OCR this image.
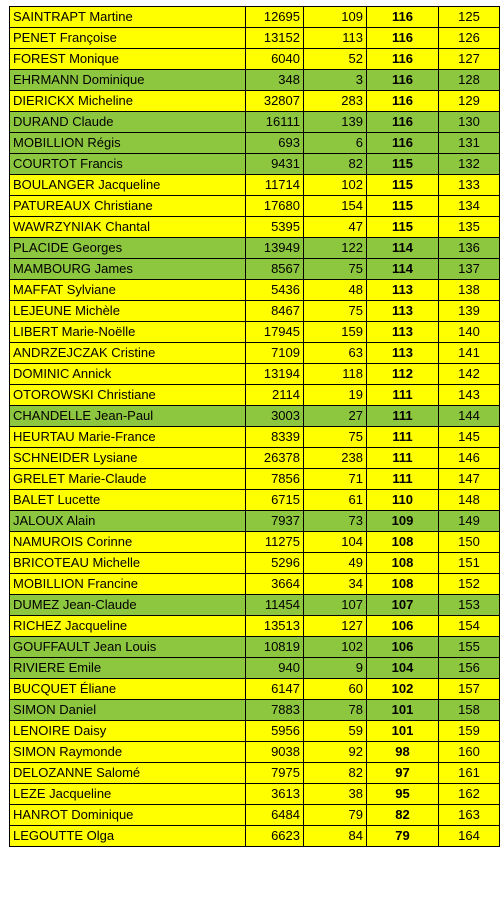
SAINTRAPT Martine	12695	109	116	125
PENET Françoise	13152	113	116	126
FOREST Monique	6040	52	116	127
EHRMANN Dominique	348	3	116	128
DIERICKX Micheline	32807	283	116	129
DURAND Claude	16111	139	116	130
MOBILLION Régis	693	6	116	131
COURTOT Francis	9431	82	115	132
BOULANGER Jacqueline	11714	102	115	133
PATUREAUX Christiane	17680	154	115	134
WAWRZYNIAK Chantal	5395	47	115	135
PLACIDE Georges	13949	122	114	136
MAMBOURG James	8567	75	114	137
MAFFAT Sylviane	5436	48	113	138
LEJEUNE Michèle	8467	75	113	139
LIBERT Marie-Noëlle	17945	159	113	140
ANDRZEJCZAK Cristine	7109	63	113	141
DOMINIC Annick	13194	118	112	142
OTOROWSKI Christiane	2114	19	111	143
CHANDELLE Jean-Paul	3003	27	111	144
HEURTAU Marie-France	8339	75	111	145
SCHNEIDER Lysiane	26378	238	111	146
GRELET Marie-Claude	7856	71	111	147
BALET Lucette	6715	61	110	148
JALOUX Alain	7937	73	109	149
NAMUROIS Corinne	11275	104	108	150
BRICOTEAU Michelle	5296	49	108	151
MOBILLION Francine	3664	34	108	152
DUMEZ Jean-Claude	11454	107	107	153
RICHEZ Jacqueline	13513	127	106	154
GOUFFAULT Jean Louis	10819	102	106	155
RIVIERE Emile	940	9	104	156
BUCQUET Éliane	6147	60	102	157
SIMON Daniel	7883	78	101	158
LENOIRE Daisy	5956	59	101	159
SIMON Raymonde	9038	92	98	160
DELOZANNE Salomé	7975	82	97	161
LEZE Jacqueline	3613	38	95	162
HANROT Dominique	6484	79	82	163
LEGOUTTE Olga	6623	84	79	164
